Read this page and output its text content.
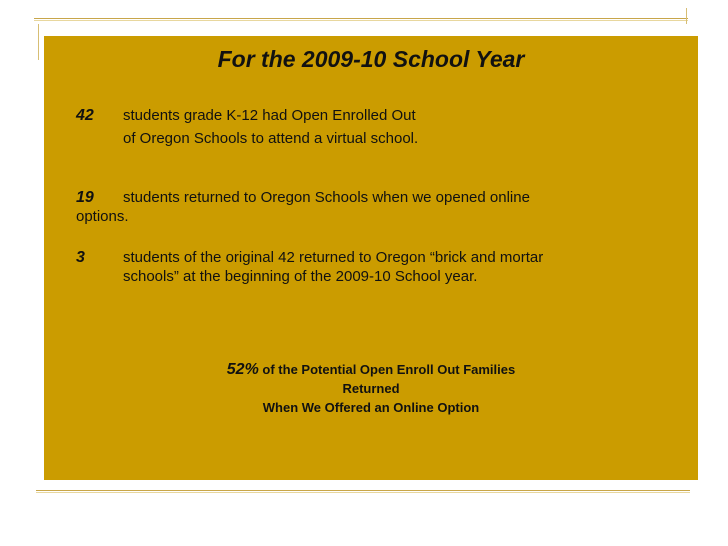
For the 2009-10 School Year
42 students grade K-12 had Open Enrolled Out
of Oregon Schools to attend a virtual school.
19 students returned to Oregon Schools when we opened online
options.
3	students of the original 42 returned to Oregon “brick and mortar
schools” at the beginning of the 2009-10 School year.
52% of the Potential Open Enroll Out Families
Returned
When We Offered an Online Option
